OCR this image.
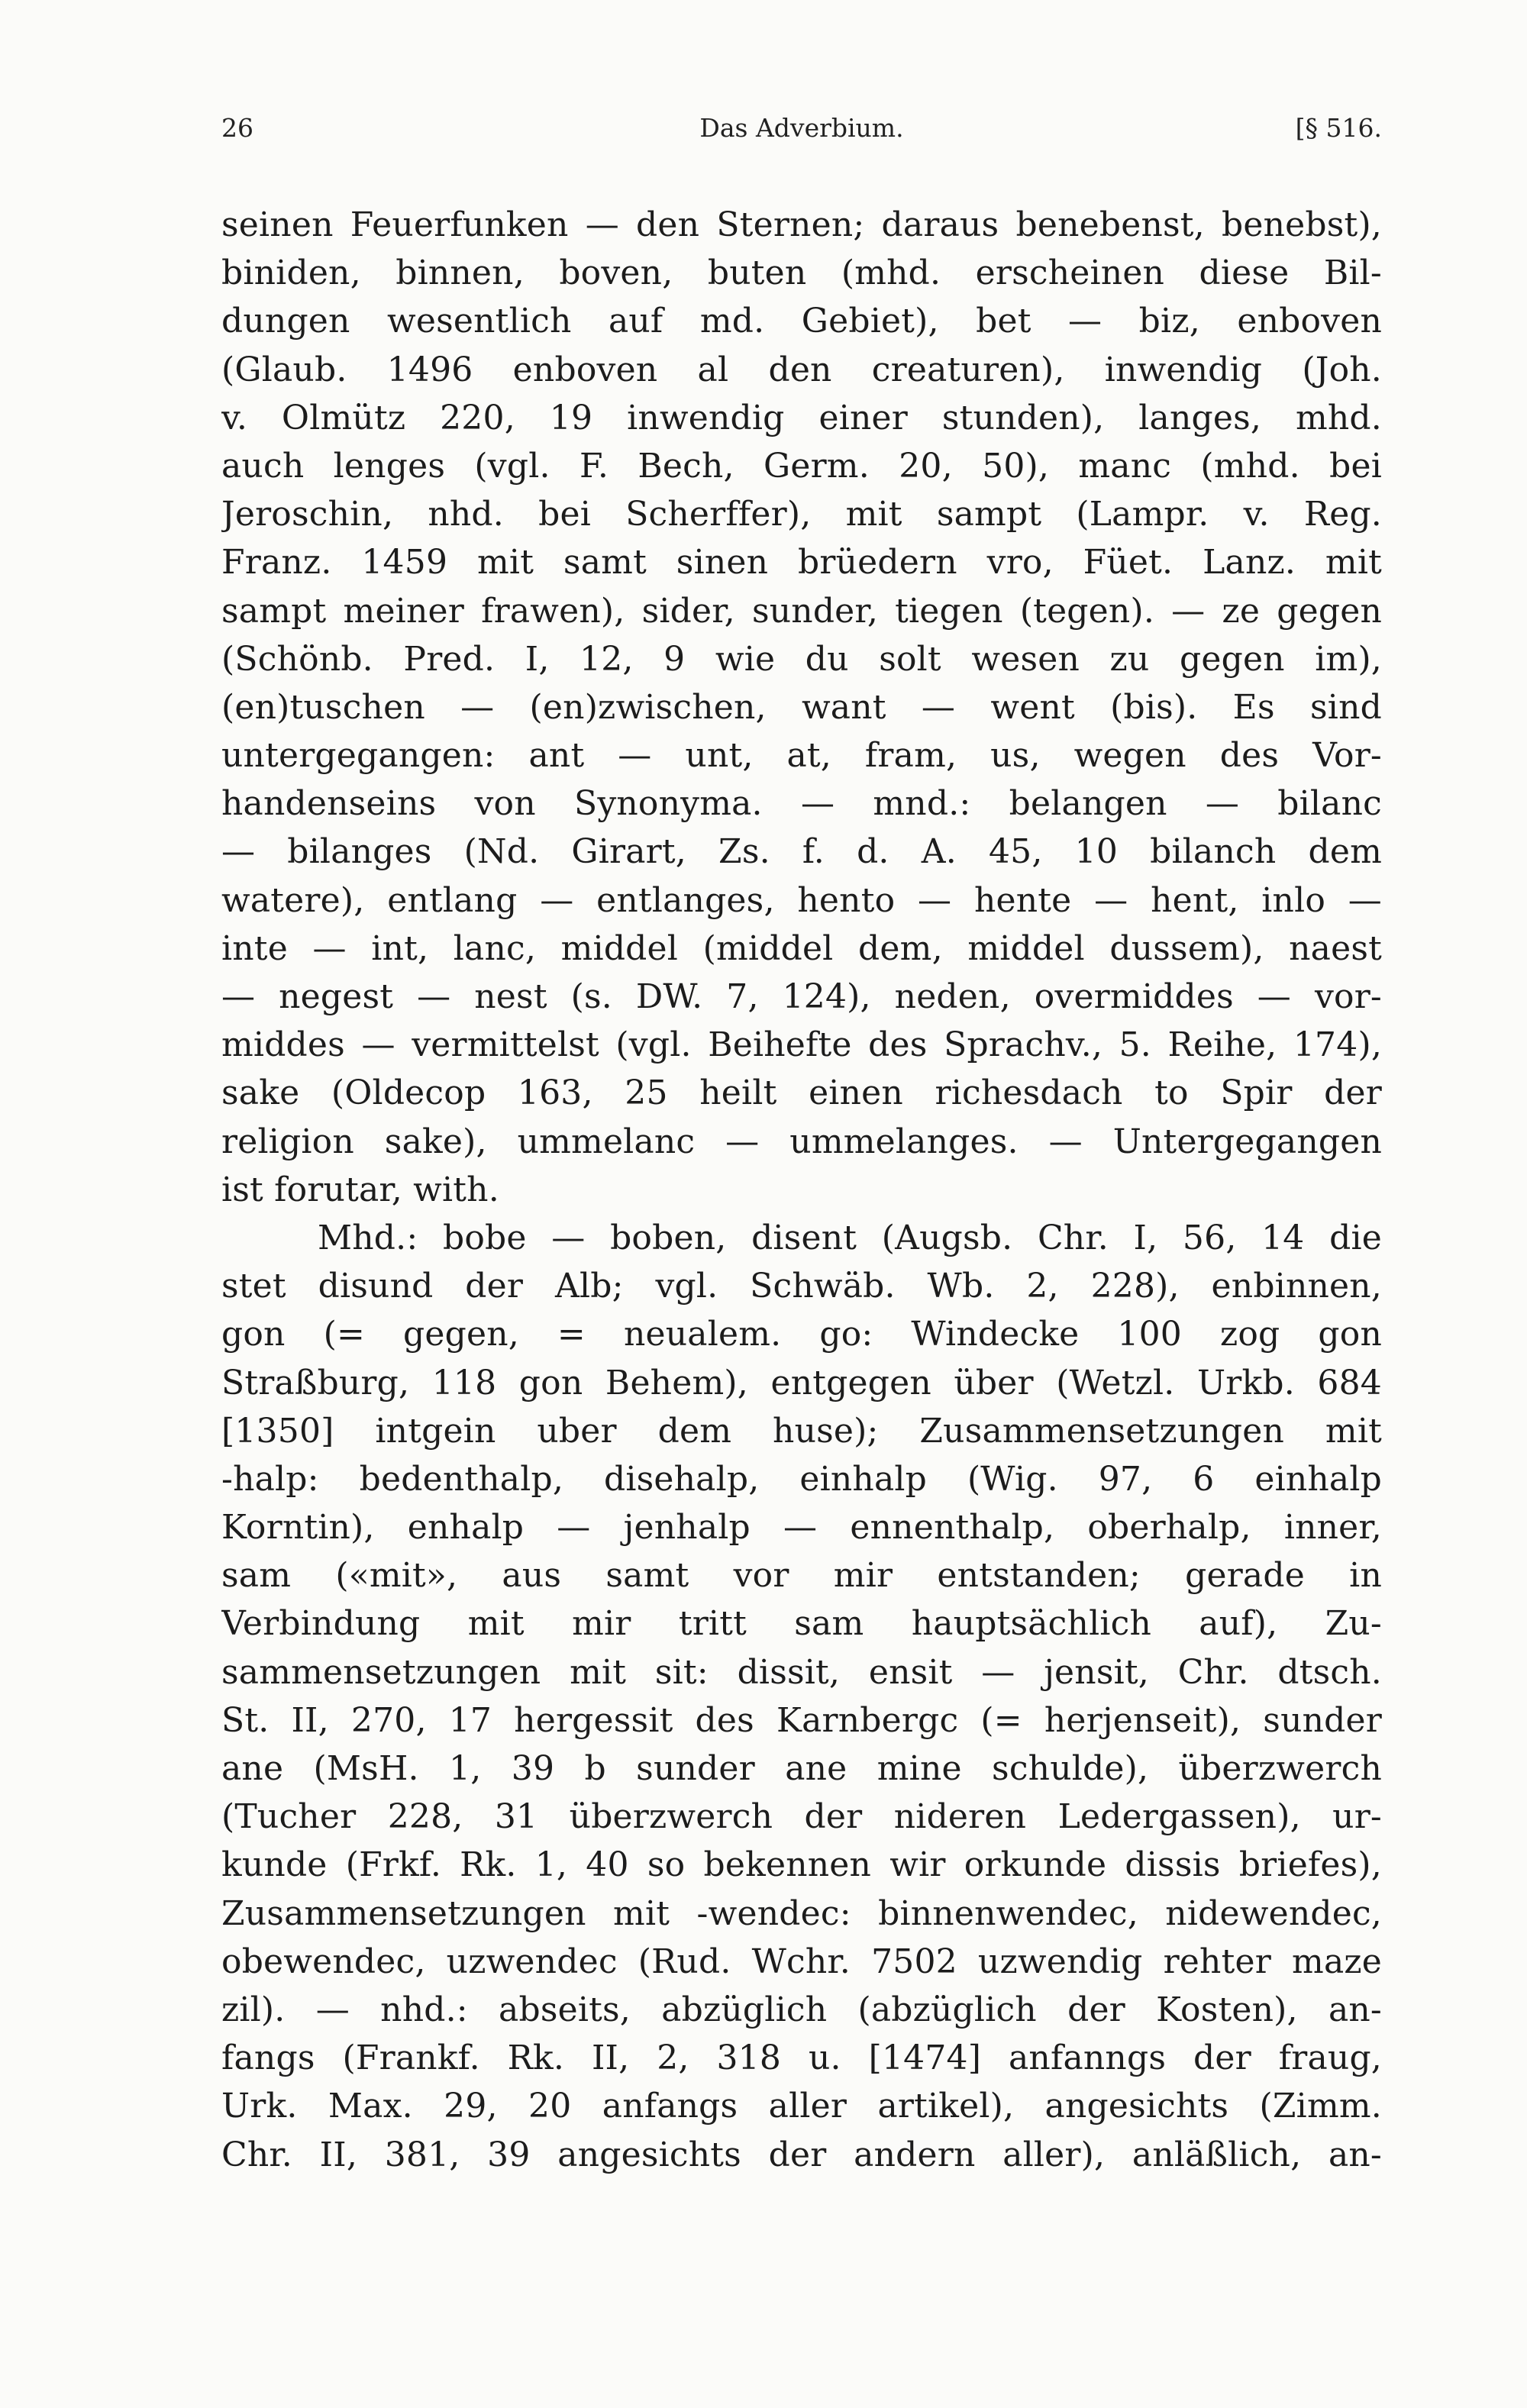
Das Adverbium.
26	[§ 516.
seinen Feuerfunken — den Sternen; daraus benebenst, benebst),
biniden, binnen, boven, buten (mhd. erscheinen diese Bil-
dungen wesentlich auf md. Gebiet), bet — biz, enboven
(Glaub. 1496 enboven al den creaturen), inwendig (Joh.
v. Olmütz 220, 19 inwendig einer stunden), langes, mhd.
auch lenges (vgl. F. Bech, Germ. 20, 50), manc (mhd. bei
Jeroschin, nhd. bei Scherffer), mit sampt (Lampr. v. Reg.
Franz. 1459 mit samt sinen brüedern vro, Füet. Lanz. mit
sampt meiner frawen), sider, sunder, tiegen (tegen). — ze gegen
(Schönb. Pred. I, 12, 9 wie du solt wesen zu gegen im),
(en)tuschen — (en)zwischen, want — went (bis). Es sind
untergegangen: ant — unt, at, fram, us, wegen des Vor-
handenseins von Synonyma. — mnd.: belangen — bilanc
— bilanges (Nd. Girart, Zs. f. d. A. 45, 10 bilanch dem
watere), entlang — entlanges, hento — hente — hent, inlo —
inte — int, lanc, middel (middel dem, middel dussem), naest
— negest — nest (s. DW. 7, 124), neden, overmiddes — vor-
middes — vermittelst (vgl. Beihefte des Sprachv., 5. Reihe, 174),
sake (Oldecop 163, 25 heilt einen richesdach to Spir der
religion sake), ummelanc — ummelanges. — Untergegangen
ist forutar, with.
Mhd.: bobe — boben, disent (Augsb. Chr. I, 56, 14 die
stet disund der Alb; vgl. Schwäb. Wb. 2, 228), enbinnen,
gon (= gegen, = neualem. go: Windecke 100 zog gon
Straßburg, 118 gon Behem), entgegen über (Wetzl. Urkb. 684
[1350] intgein uber dem huse); Zusammensetzungen mit
-halp: bedenthalp, disehalp, einhalp (Wig. 97, 6 einhalp
Korntin), enhalp — jenhalp — ennenthalp, oberhalp, inner,
sam («mit», aus samt vor mir entstanden; gerade in
Verbindung mit mir tritt sam hauptsächlich auf), Zu-
sammensetzungen mit sit: dissit, ensit — jensit, Chr. dtsch.
St. II, 270, 17 hergessit des Karnbergc (= herjenseit), sunder
ane (MsH. 1, 39 b sunder ane mine schulde), überzwerch
(Tucher 228, 31 überzwerch der nideren Ledergassen), ur-
kunde (Frkf. Rk. 1, 40 so bekennen wir orkunde dissis briefes),
Zusammensetzungen mit -wendec: binnenwendec, nidewendec,
obewendec, uzwendec (Rud. Wchr. 7502 uzwendig rehter maze
zil). — nhd.: abseits, abzüglich (abzüglich der Kosten), an-
fangs (Frankf. Rk. II, 2, 318 u. [1474] anfanngs der fraug,
Urk. Max. 29, 20 anfangs aller artikel), angesichts (Zimm.
Chr. II, 381, 39 angesichts der andern aller), anläßlich, an-
